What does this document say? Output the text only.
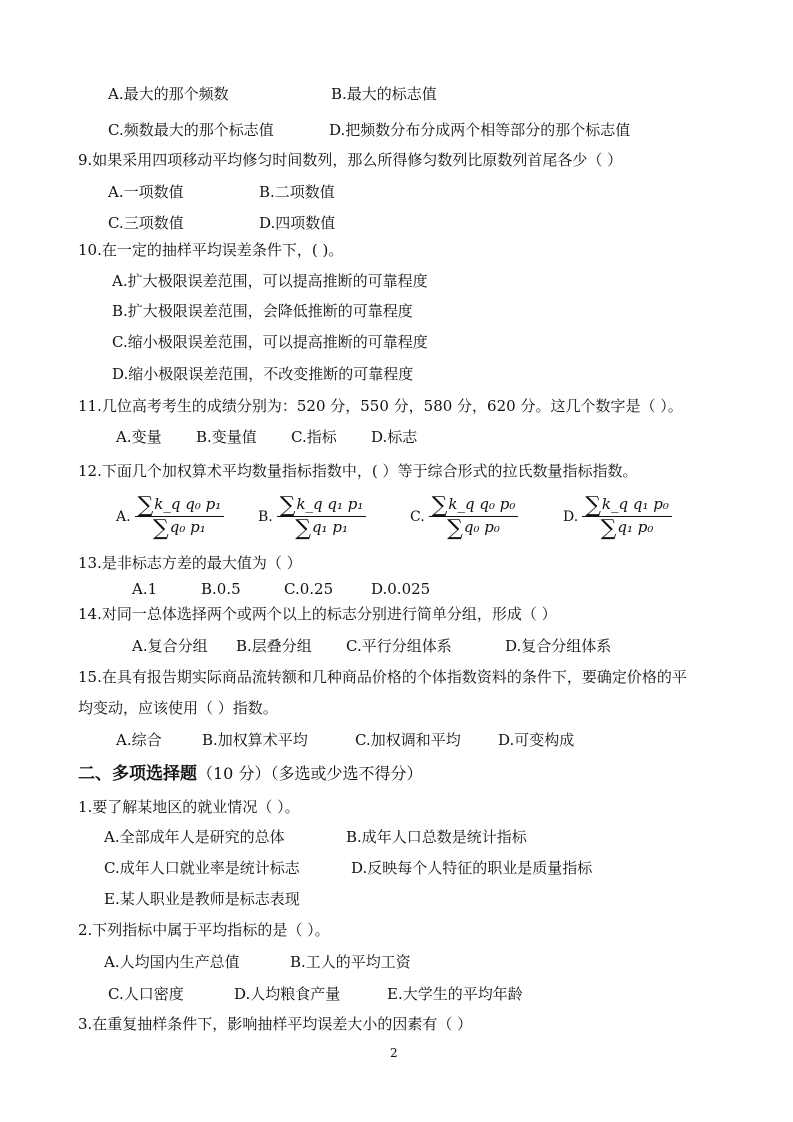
A.最大的那个频数	B.最大的标志值
C.频数最大的那个标志值	D.把频数分布分成两个相等部分的那个标志值
9.如果采用四项移动平均修匀时间数列，那么所得修匀数列比原数列首尾各少（ ）
A.一项数值	B.二项数值
C.三项数值	D.四项数值
10.在一定的抽样平均误差条件下，( )。
A.扩大极限误差范围，可以提高推断的可靠程度
B.扩大极限误差范围，会降低推断的可靠程度
C.缩小极限误差范围，可以提高推断的可靠程度
D.缩小极限误差范围，不改变推断的可靠程度
11.几位高考考生的成绩分别为：520 分，550 分，580 分，620 分。这几个数字是（ ）。
A.变量 B.变量值 C.指标 D.标志
12.下面几个加权算术平均数量指标指数中，( ）等于综合形式的拉氏数量指标指数。
A. $\frac{\text{∑k\_q q₀ p₁}}{\text{∑q₀ p₁}} B$. $\frac{\text{∑k\_q q₁ p₁}}{\text{∑q₁ p₁}}$	C. $\frac{\text{∑k\_q q₀ p₀}}{\text{∑q₀ p₀}}$	D. $\frac{\text{∑k\_q q₁ p₀}}{\text{∑q₁ p₀}}$
13.是非标志方差的最大值为（ ）
A.1	B.0.5	C.0.25	D.0.025
14.对同一总体选择两个或两个以上的标志分别进行简单分组，形成（ ）
A.复合分组 B.层叠分组 C.平行分组体系	D.复合分组体系
15.在具有报告期实际商品流转额和几种商品价格的个体指数资料的条件下，要确定价格的平
均变动，应该使用（ ）指数。
A.综合	B.加权算术平均	C.加权调和平均 D.可变构成
二、多项选择题（10 分）（多选或少选不得分）
1.要了解某地区的就业情况（ ）。
A.全部成年人是研究的总体	B.成年人口总数是统计指标
C.成年人口就业率是统计标志	D.反映每个人特征的职业是质量指标
E.某人职业是教师是标志表现
2.下列指标中属于平均指标的是（ ）。
A.人均国内生产总值	B.工人的平均工资
C.人口密度	D.人均粮食产量	E.大学生的平均年龄
3.在重复抽样条件下，影响抽样平均误差大小的因素有（ ）
2
